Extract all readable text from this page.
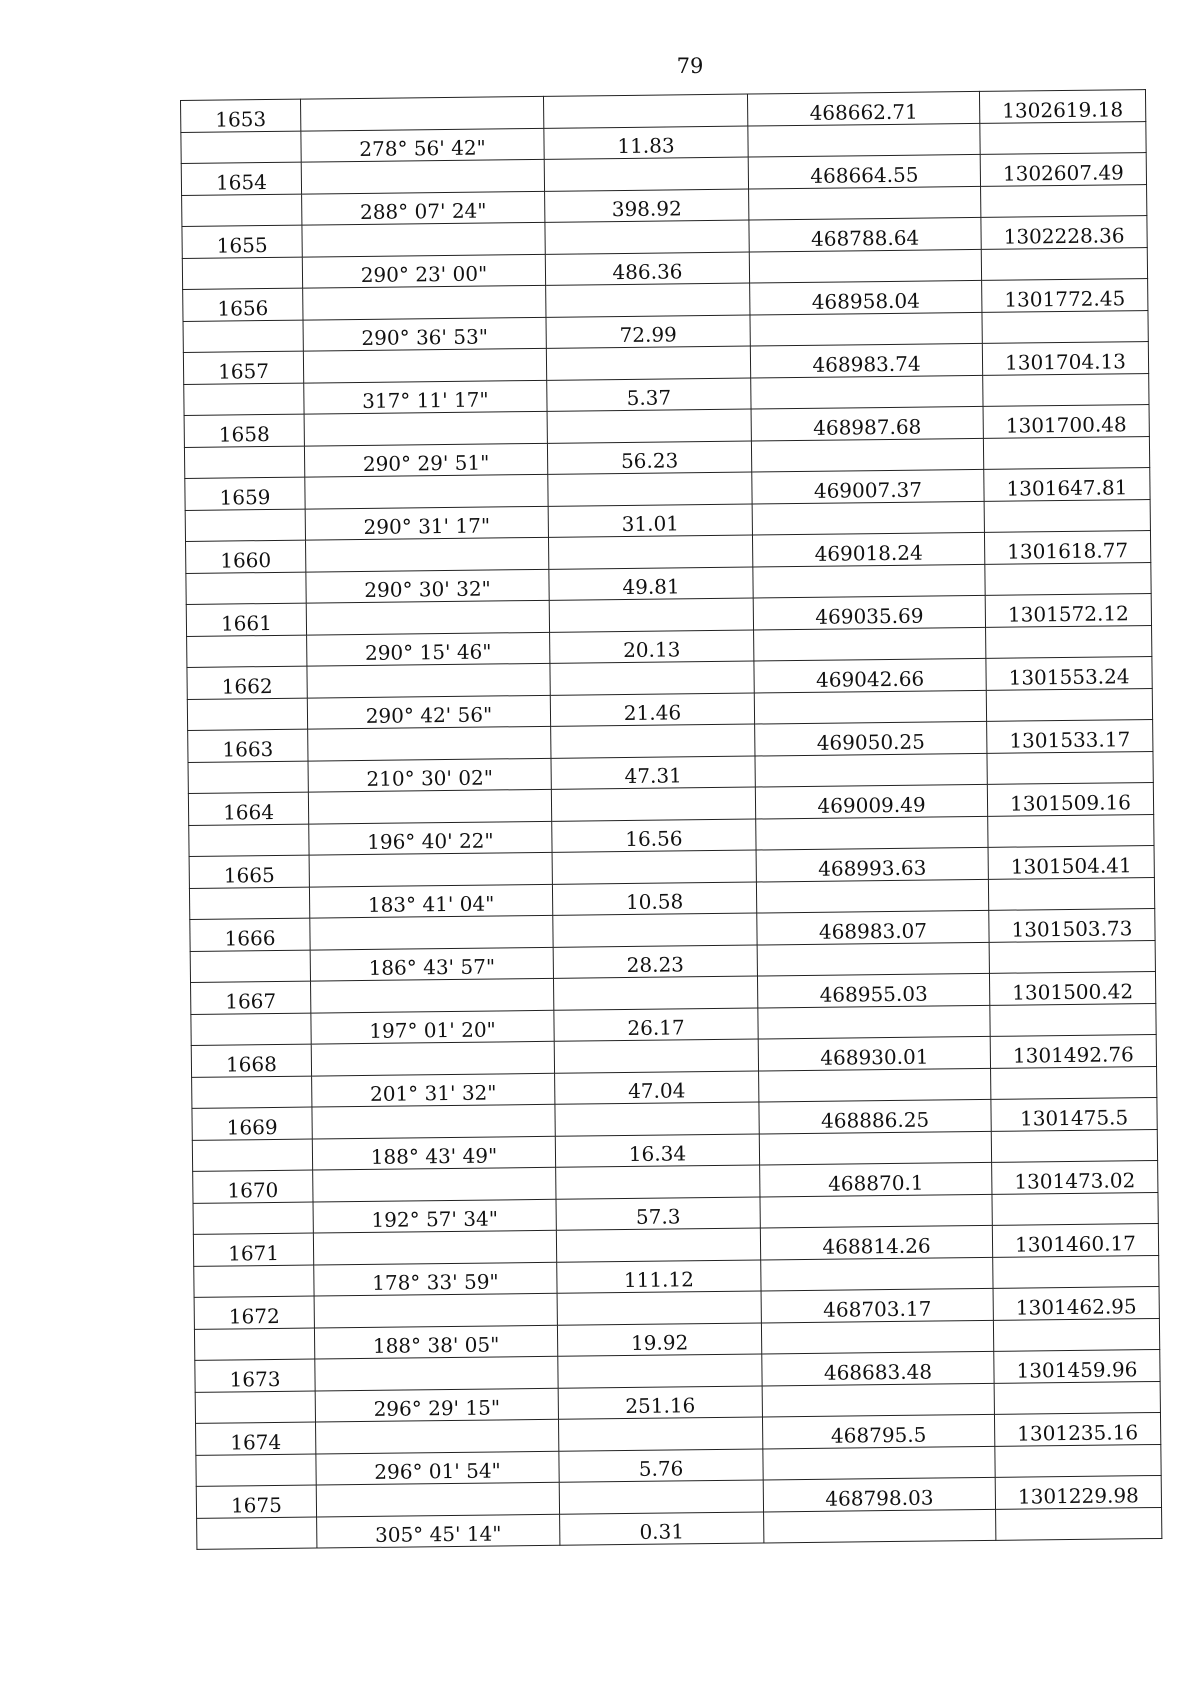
79
1653			468662.71	1302619.18
	278° 56' 42"	11.83		
1654			468664.55	1302607.49
	288° 07' 24"	398.92		
1655			468788.64	1302228.36
	290° 23' 00"	486.36		
1656			468958.04	1301772.45
	290° 36' 53"	72.99		
1657			468983.74	1301704.13
	317° 11' 17"	5.37		
1658			468987.68	1301700.48
	290° 29' 51"	56.23		
1659			469007.37	1301647.81
	290° 31' 17"	31.01		
1660			469018.24	1301618.77
	290° 30' 32"	49.81		
1661			469035.69	1301572.12
	290° 15' 46"	20.13		
1662			469042.66	1301553.24
	290° 42' 56"	21.46		
1663			469050.25	1301533.17
	210° 30' 02"	47.31		
1664			469009.49	1301509.16
	196° 40' 22"	16.56		
1665			468993.63	1301504.41
	183° 41' 04"	10.58		
1666			468983.07	1301503.73
	186° 43' 57"	28.23		
1667			468955.03	1301500.42
	197° 01' 20"	26.17		
1668			468930.01	1301492.76
	201° 31' 32"	47.04		
1669			468886.25	1301475.5
	188° 43' 49"	16.34		
1670			468870.1	1301473.02
	192° 57' 34"	57.3		
1671			468814.26	1301460.17
	178° 33' 59"	111.12		
1672			468703.17	1301462.95
	188° 38' 05"	19.92		
1673			468683.48	1301459.96
	296° 29' 15"	251.16		
1674			468795.5	1301235.16
	296° 01' 54"	5.76		
1675			468798.03	1301229.98
	305° 45' 14"	0.31		
